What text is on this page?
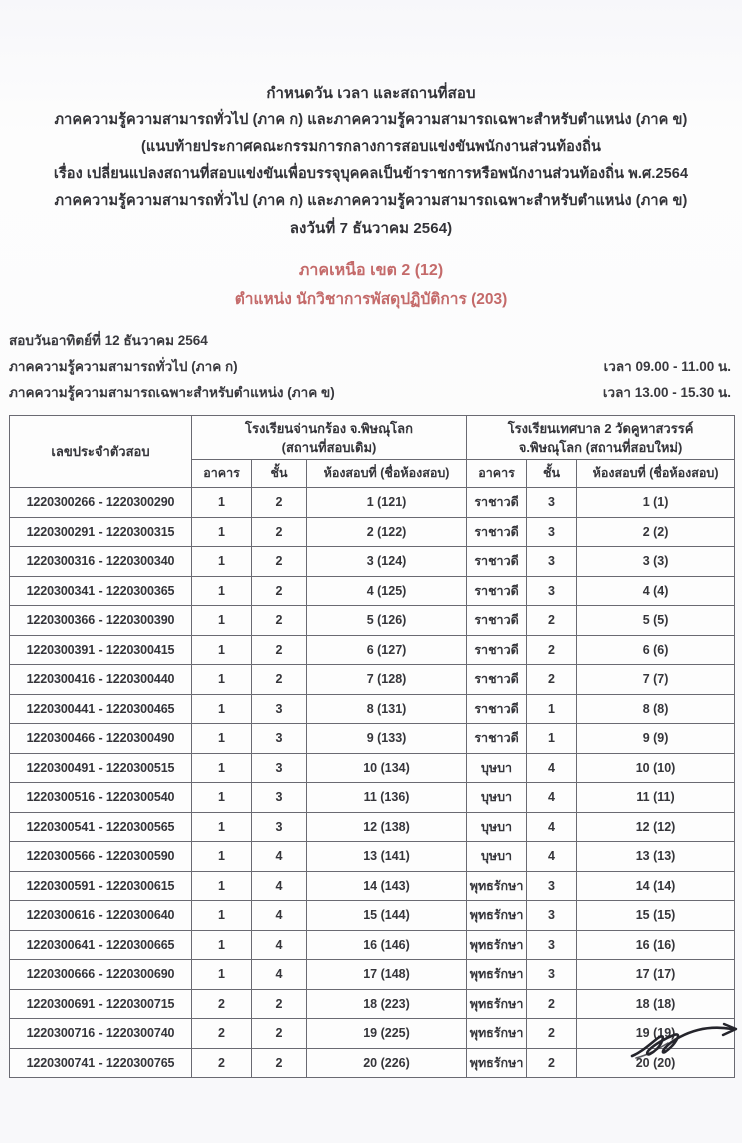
กำหนดวัน เวลา และสถานที่สอบ
ภาคความรู้ความสามารถทั่วไป (ภาค ก) และภาคความรู้ความสามารถเฉพาะสำหรับตำแหน่ง (ภาค ข)
(แนบท้ายประกาศคณะกรรมการกลางการสอบแข่งขันพนักงานส่วนท้องถิ่น
เรื่อง เปลี่ยนแปลงสถานที่สอบแข่งขันเพื่อบรรจุบุคคลเป็นข้าราชการหรือพนักงานส่วนท้องถิ่น พ.ศ.2564
ภาคความรู้ความสามารถทั่วไป (ภาค ก) และภาคความรู้ความสามารถเฉพาะสำหรับตำแหน่ง (ภาค ข)
ลงวันที่ 7 ธันวาคม 2564)
ภาคเหนือ เขต 2 (12)
ตำแหน่ง นักวิชาการพัสดุปฏิบัติการ (203)
สอบวันอาทิตย์ที่ 12 ธันวาคม 2564
ภาคความรู้ความสามารถทั่วไป (ภาค ก)	เวลา 09.00 - 11.00 น.
ภาคความรู้ความสามารถเฉพาะสำหรับตำแหน่ง (ภาค ข)	เวลา 13.00 - 15.30 น.
เลขประจำตัวสอบ	
โรงเรียนจ่านกร้อง จ.พิษณุโลก
(สถานที่สอบเดิม)

โรงเรียนเทศบาล 2 วัดคูหาสวรรค์
จ.พิษณุโลก (สถานที่สอบใหม่)

	อาคาร	ชั้น	ห้องสอบที่ (ชื่อห้องสอบ)	อาคาร	ชั้น	ห้องสอบที่ (ชื่อห้องสอบ)
1220300266 - 1220300290	1	2	1 (121)	ราชาวดี	3	1 (1)
1220300291 - 1220300315	1	2	2 (122)	ราชาวดี	3	2 (2)
1220300316 - 1220300340	1	2	3 (124)	ราชาวดี	3	3 (3)
1220300341 - 1220300365	1	2	4 (125)	ราชาวดี	3	4 (4)
1220300366 - 1220300390	1	2	5 (126)	ราชาวดี	2	5 (5)
1220300391 - 1220300415	1	2	6 (127)	ราชาวดี	2	6 (6)
1220300416 - 1220300440	1	2	7 (128)	ราชาวดี	2	7 (7)
1220300441 - 1220300465	1	3	8 (131)	ราชาวดี	1	8 (8)
1220300466 - 1220300490	1	3	9 (133)	ราชาวดี	1	9 (9)
1220300491 - 1220300515	1	3	10 (134)	บุษบา	4	10 (10)
1220300516 - 1220300540	1	3	11 (136)	บุษบา	4	11 (11)
1220300541 - 1220300565	1	3	12 (138)	บุษบา	4	12 (12)
1220300566 - 1220300590	1	4	13 (141)	บุษบา	4	13 (13)
1220300591 - 1220300615	1	4	14 (143)	พุทธรักษา	3	14 (14)
1220300616 - 1220300640	1	4	15 (144)	พุทธรักษา	3	15 (15)
1220300641 - 1220300665	1	4	16 (146)	พุทธรักษา	3	16 (16)
1220300666 - 1220300690	1	4	17 (148)	พุทธรักษา	3	17 (17)
1220300691 - 1220300715	2	2	18 (223)	พุทธรักษา	2	18 (18)
1220300716 - 1220300740	2	2	19 (225)	พุทธรักษา	2	19 (19)
1220300741 - 1220300765	2	2	20 (226)	พุทธรักษา	2	20 (20)
